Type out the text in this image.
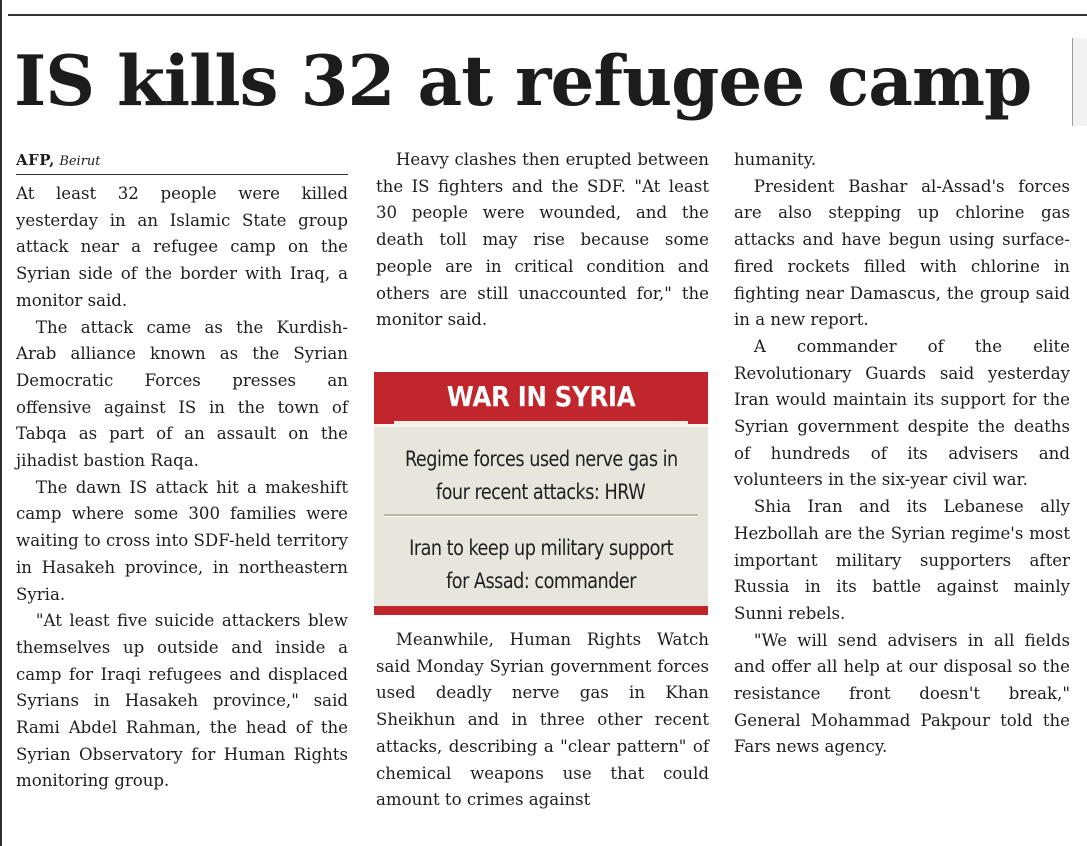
IS kills 32 at refugee camp
AFP, Beirut

At least 32 people were killed yesterday in an Islamic State group attack near a refugee camp on the Syrian side of the border with Iraq, a monitor said.

The attack came as the Kurdish-Arab alliance known as the Syrian Democratic Forces presses an offensive against IS in the town of Tabqa as part of an assault on the jihadist bastion Raqa.

The dawn IS attack hit a makeshift camp where some 300 families were waiting to cross into SDF-held territory in Hasakeh province, in northeastern Syria.

"At least five suicide attackers blew themselves up outside and inside a camp for Iraqi refugees and displaced Syrians in Hasakeh province," said Rami Abdel Rahman, the head of the Syrian Observatory for Human Rights monitoring group.

Heavy clashes then erupted between the IS fighters and the SDF. "At least 30 people were wounded, and the death toll may rise because some people are in critical condition and others are still unaccounted for," the monitor said.

WAR IN SYRIA
Regime forces used nerve gas in
four recent attacks: HRW
Iran to keep up military support
for Assad: commander

Meanwhile, Human Rights Watch said Monday Syrian government forces used deadly nerve gas in Khan Sheikhun and in three other recent attacks, describing a "clear pattern" of chemical weapons use that could amount to crimes against

humanity.

President Bashar al-Assad's forces are also stepping up chlorine gas attacks and have begun using surface-fired rockets filled with chlorine in fighting near Damascus, the group said in a new report.

A commander of the elite Revolutionary Guards said yesterday Iran would maintain its support for the Syrian government despite the deaths of hundreds of its advisers and volunteers in the six-year civil war.

Shia Iran and its Lebanese ally Hezbollah are the Syrian regime's most important military supporters after Russia in its battle against mainly Sunni rebels.

"We will send advisers in all fields and offer all help at our disposal so the resistance front doesn't break," General Mohammad Pakpour told the Fars news agency.
